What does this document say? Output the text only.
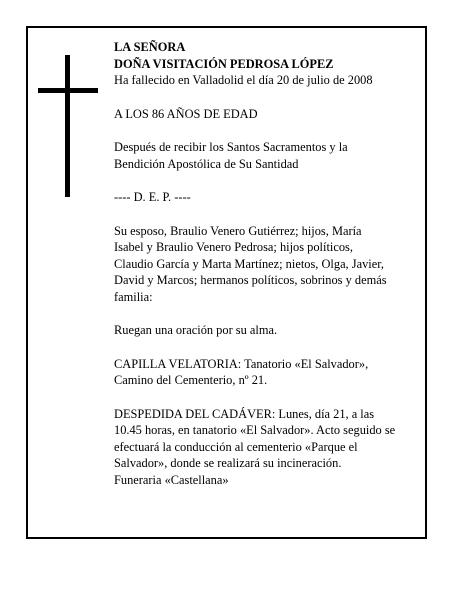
LA SEÑORA
DOÑA VISITACIÓN PEDROSA LÓPEZ
Ha fallecido en Valladolid el día 20 de julio de 2008
A LOS 86 AÑOS DE EDAD
Después de recibir los Santos Sacramentos y la
Bendición Apostólica de Su Santidad
---- D. E. P. ----
Su esposo, Braulio Venero Gutiérrez; hijos, María
Isabel y Braulio Venero Pedrosa; hijos políticos,
Claudio García y Marta Martínez; nietos, Olga, Javier,
David y Marcos; hermanos políticos, sobrinos y demás
familia:
Ruegan una oración por su alma.
CAPILLA VELATORIA: Tanatorio «El Salvador»,
Camino del Cementerio, nº 21.
DESPEDIDA DEL CADÁVER: Lunes, día 21, a las
10.45 horas, en tanatorio «El Salvador». Acto seguido se
efectuará la conducción al cementerio «Parque el
Salvador», donde se realizará su incineración.
Funeraria «Castellana»
